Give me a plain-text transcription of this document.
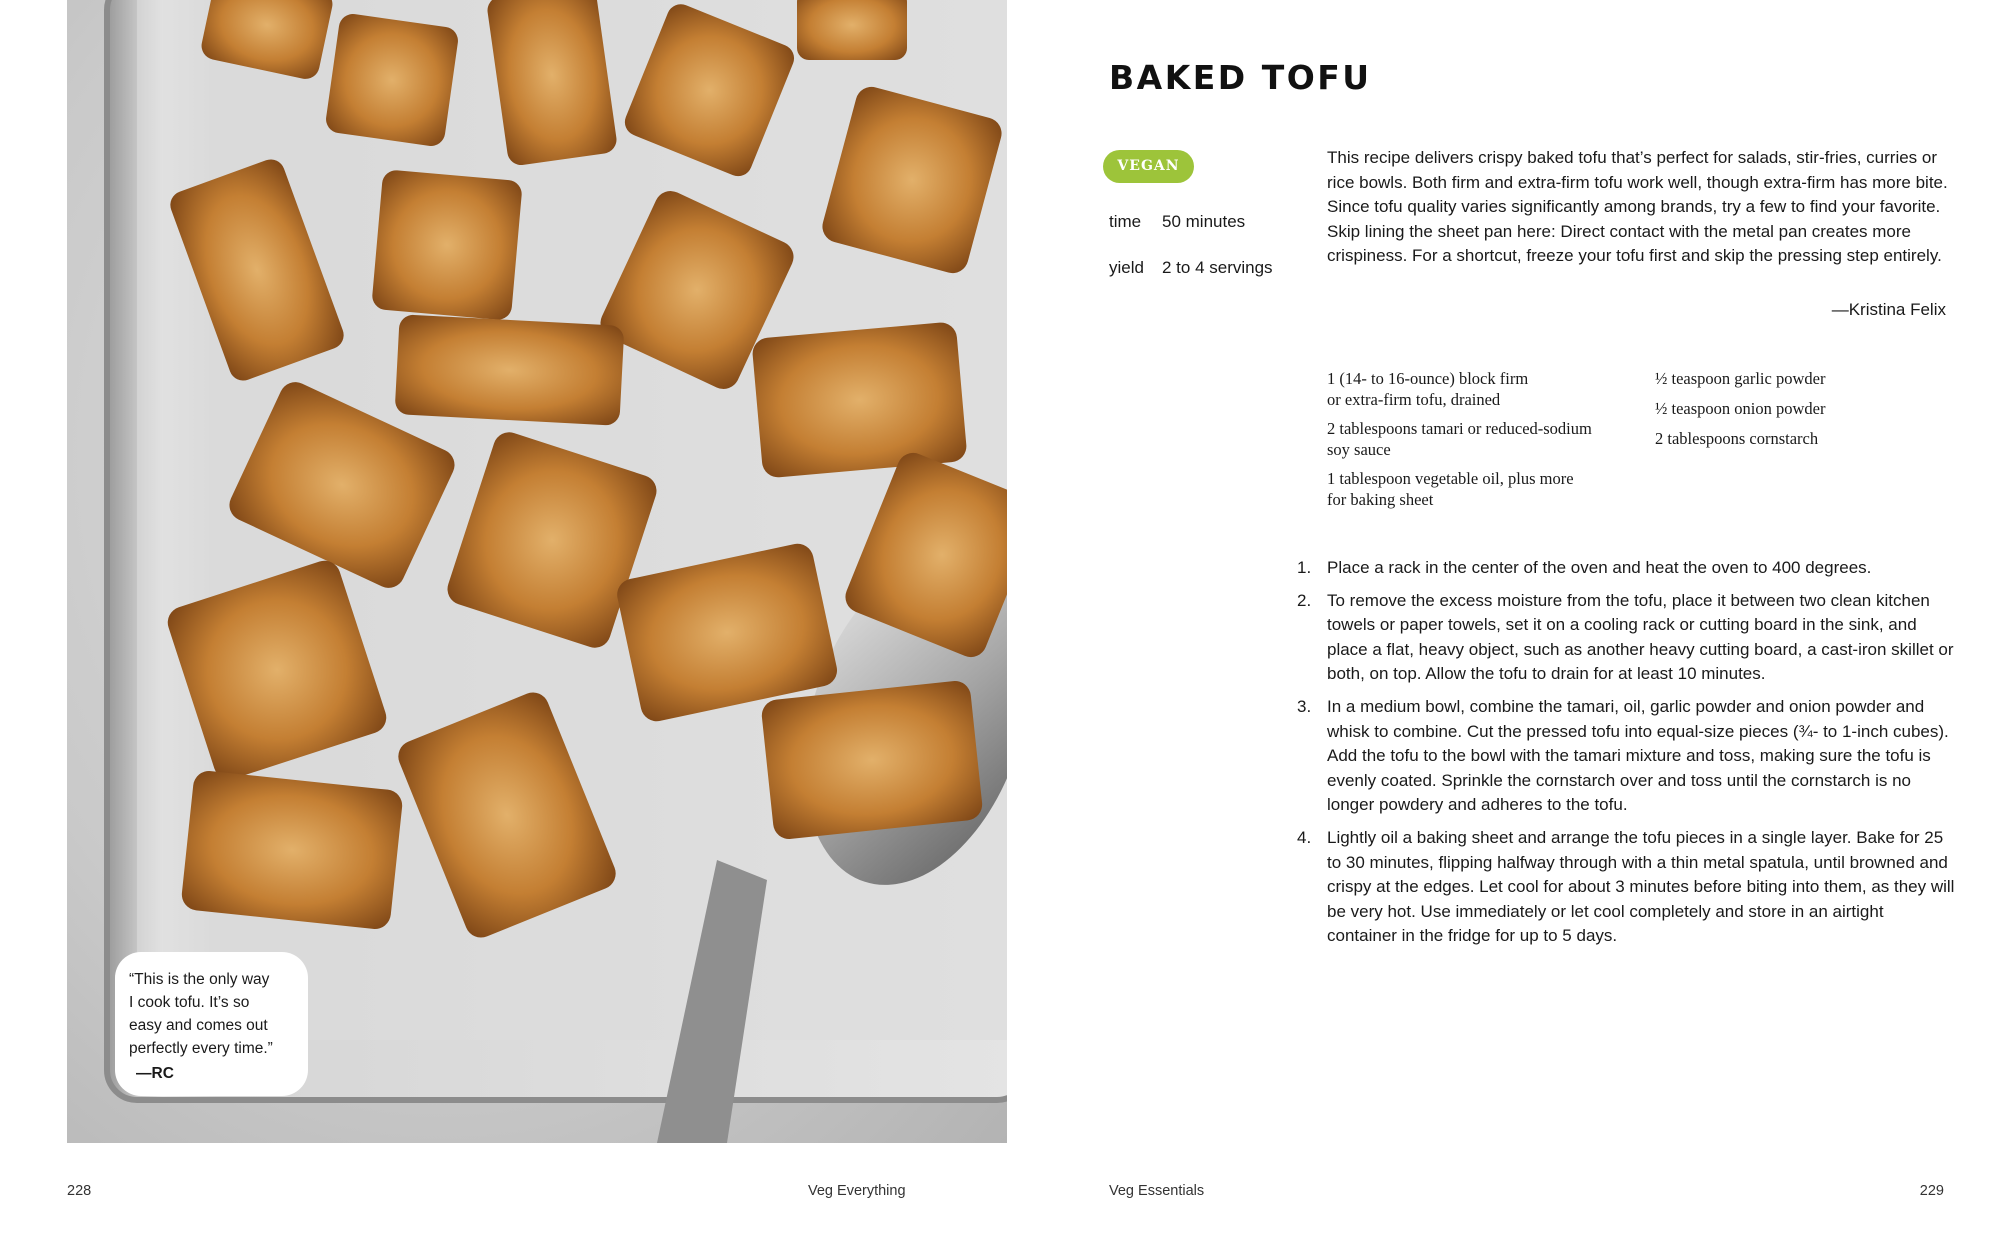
“This is the only way
I cook tofu. It’s so
easy and comes out
perfectly every time.”
—RC
BAKED TOFU
VEGAN
time 50 minutes
yield 2 to 4 servings

This recipe delivers crispy baked tofu that’s perfect for salads, stir-fries, curries or rice bowls. Both firm and extra-firm tofu work well, though extra-firm has more bite. Since tofu quality varies significantly among brands, try a few to find your favorite. Skip lining the sheet pan here: Direct contact with the metal pan creates more crispiness. For a shortcut, freeze your tofu first and skip the pressing step entirely.

—Kristina Felix
1 (14- to 16-ounce) block firm
or extra-firm tofu, drained
2 tablespoons tamari or reduced-sodium
soy sauce
1 tablespoon vegetable oil, plus more
for baking sheet
½ teaspoon garlic powder
½ teaspoon onion powder
2 tablespoons cornstarch
1. Place a rack in the center of the oven and heat the oven to 400 degrees.
2. To remove the excess moisture from the tofu, place it between two clean kitchen towels or paper towels, set it on a cooling rack or cutting board in the sink, and place a flat, heavy object, such as another heavy cutting board, a cast-iron skillet or both, on top. Allow the tofu to drain for at least 10 minutes.
3. In a medium bowl, combine the tamari, oil, garlic powder and onion powder and whisk to combine. Cut the pressed tofu into equal-size pieces (¾- to 1-inch cubes). Add the tofu to the bowl with the tamari mixture and toss, making sure the tofu is evenly coated. Sprinkle the cornstarch over and toss until the cornstarch is no longer powdery and adheres to the tofu.
4. Lightly oil a baking sheet and arrange the tofu pieces in a single layer. Bake for 25 to 30 minutes, flipping halfway through with a thin metal spatula, until browned and crispy at the edges. Let cool for about 3 minutes before biting into them, as they will be very hot. Use immediately or let cool completely and store in an airtight container in the fridge for up to 5 days.
228	Veg Everything	Veg Essentials	229
